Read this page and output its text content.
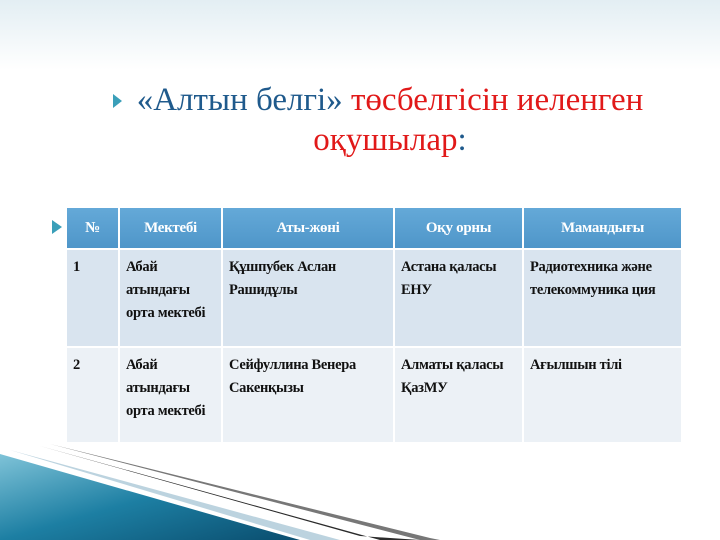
«Алтын белгі» төсбелгісін иеленген
оқушылар:
№	Мектебі	Аты-жөні	Оқу орны	Мамандығы
1	Абай атындағы орта мектебі	Құшпубек Аслан Рашидұлы	Астана қаласы ЕНУ	Радиотехника және телекоммуника ция
2	Абай атындағы орта мектебі	Сейфуллина Венера Сакенқызы	Алматы қаласы ҚазМУ	Ағылшын тілі
